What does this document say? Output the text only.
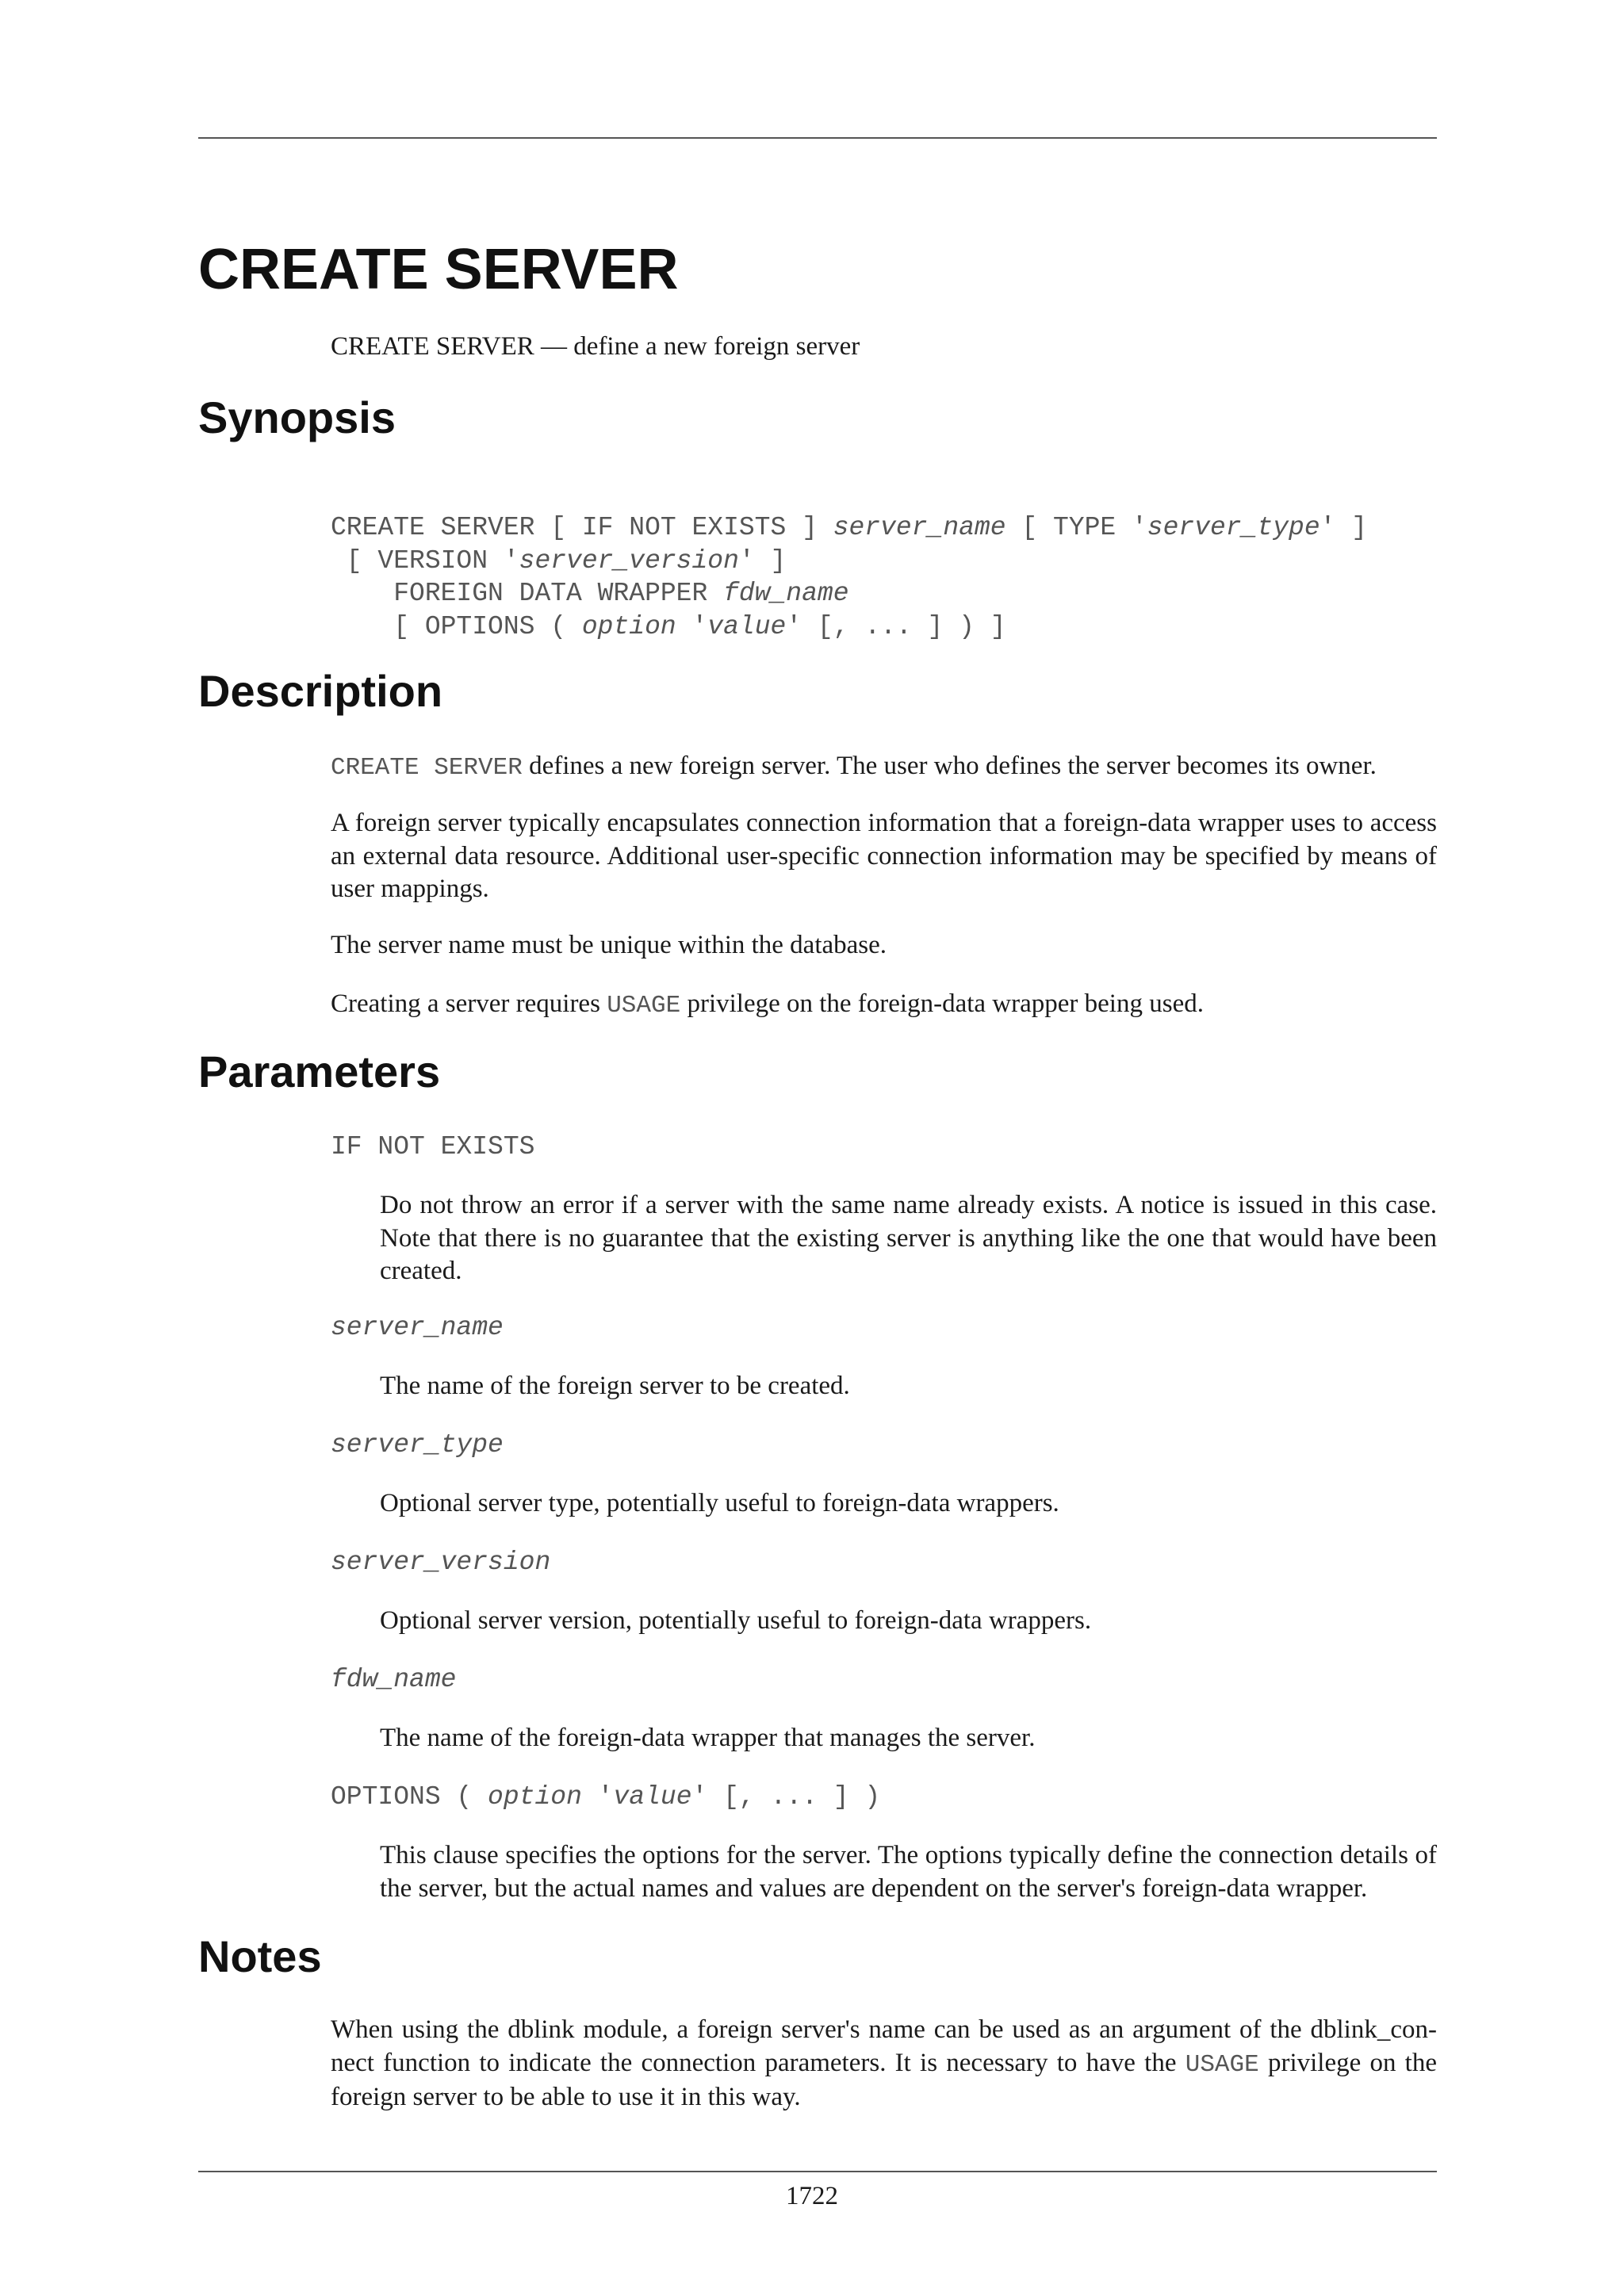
CREATE SERVER

CREATE SERVER — define a new foreign server

Synopsis
CREATE SERVER [ IF NOT EXISTS ] server_name [ TYPE 'server_type' ]
[ VERSION 'server_version' ]
FOREIGN DATA WRAPPER fdw_name
[ OPTIONS ( option 'value' [, ... ] ) ]
Description

CREATE SERVER defines a new foreign server. The user who defines the server becomes its owner.

A foreign server typically encapsulates connection information that a foreign-data wrapper uses to access an external data resource. Additional user-specific connection information may be specified by means of user mappings.

The server name must be unique within the database.

Creating a server requires USAGE privilege on the foreign-data wrapper being used.

Parameters
IF NOT EXISTS

Do not throw an error if a server with the same name already exists. A notice is issued in this case. Note that there is no guarantee that the existing server is anything like the one that would have been created.

server_name

The name of the foreign server to be created.

server_type

Optional server type, potentially useful to foreign-data wrappers.

server_version

Optional server version, potentially useful to foreign-data wrappers.

fdw_name

The name of the foreign-data wrapper that manages the server.

OPTIONS ( option 'value' [, ... ] )

This clause specifies the options for the server. The options typically define the connection details of the server, but the actual names and values are dependent on the server's foreign-data wrapper.

Notes

When using the dblink module, a foreign server's name can be used as an argument of the dblink_con-nect function to indicate the connection parameters. It is necessary to have the USAGE privilege on the foreign server to be able to use it in this way.

1722
